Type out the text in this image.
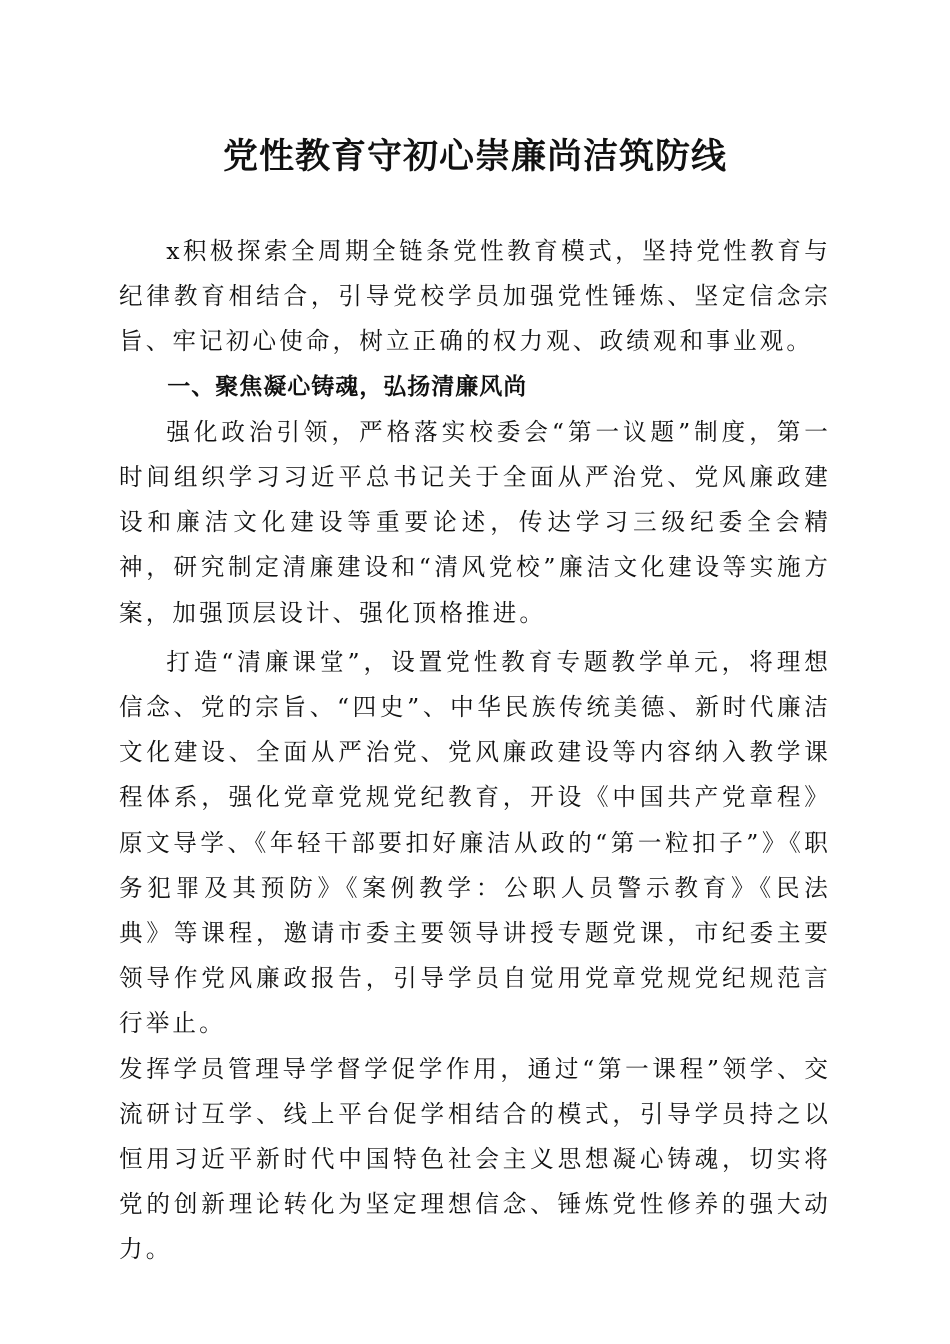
党性教育守初心崇廉尚洁筑防线

x积极探索全周期全链条党性教育模式，坚持党性教育与纪律教育相结合，引导党校学员加强党性锤炼、坚定信念宗旨、牢记初心使命，树立正确的权力观、政绩观和事业观。

一、聚焦凝心铸魂，弘扬清廉风尚

强化政治引领，严格落实校委会“第一议题”制度，第一时间组织学习习近平总书记关于全面从严治党、党风廉政建设和廉洁文化建设等重要论述，传达学习三级纪委全会精神，研究制定清廉建设和“清风党校”廉洁文化建设等实施方案，加强顶层设计、强化顶格推进。

打造“清廉课堂”，设置党性教育专题教学单元，将理想信念、党的宗旨、“四史”、中华民族传统美德、新时代廉洁文化建设、全面从严治党、党风廉政建设等内容纳入教学课程体系，强化党章党规党纪教育，开设《中国共产党章程》原文导学、《年轻干部要扣好廉洁从政的“第一粒扣子”》《职务犯罪及其预防》《案例教学：公职人员警示教育》《民法典》等课程，邀请市委主要领导讲授专题党课，市纪委主要领导作党风廉政报告，引导学员自觉用党章党规党纪规范言行举止。

发挥学员管理导学督学促学作用，通过“第一课程”领学、交流研讨互学、线上平台促学相结合的模式，引导学员持之以恒用习近平新时代中国特色社会主义思想凝心铸魂，切实将党的创新理论转化为坚定理想信念、锤炼党性修养的强大动力。
